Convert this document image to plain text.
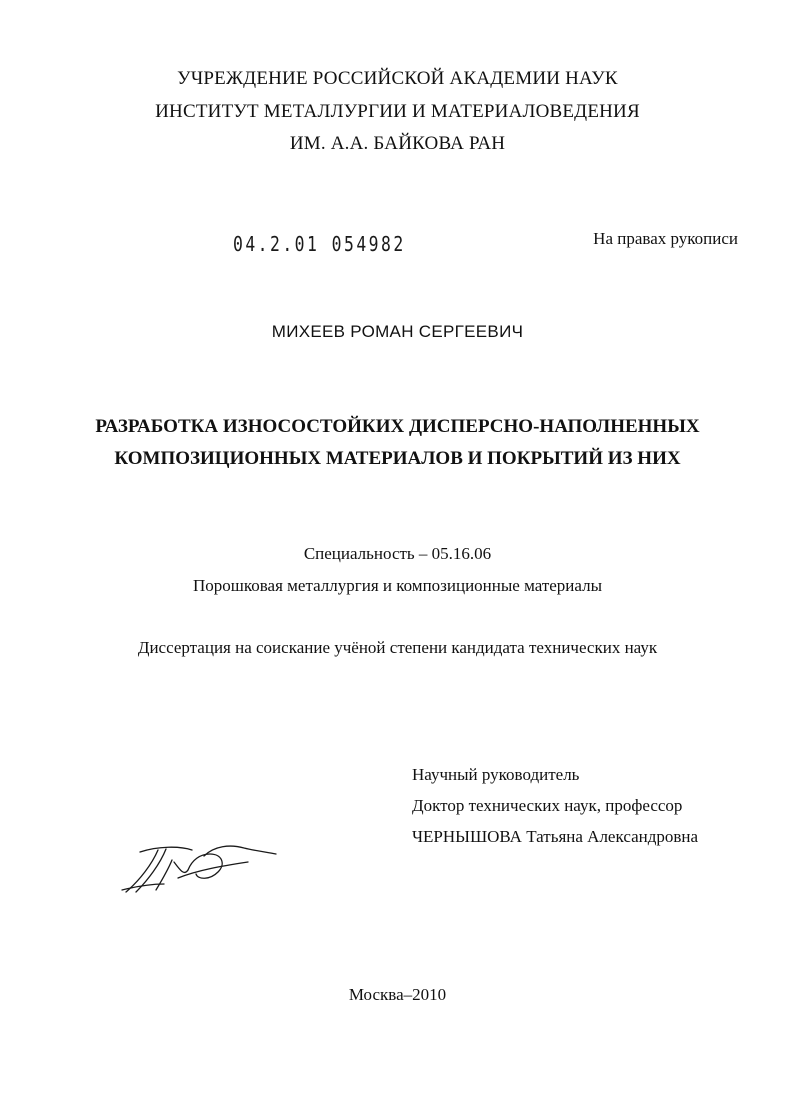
УЧРЕЖДЕНИЕ РОССИЙСКОЙ АКАДЕМИИ НАУК
ИНСТИТУТ МЕТАЛЛУРГИИ И МАТЕРИАЛОВЕДЕНИЯ
ИМ. А.А. БАЙКОВА РАН
04.2.01 054982	На правах рукописи
МИХЕЕВ РОМАН СЕРГЕЕВИЧ
РАЗРАБОТКА ИЗНОСОСТОЙКИХ ДИСПЕРСНО-НАПОЛНЕННЫХ
КОМПОЗИЦИОННЫХ МАТЕРИАЛОВ И ПОКРЫТИЙ ИЗ НИХ
Специальность – 05.16.06
Порошковая металлургия и композиционные материалы
Диссертация на соискание учёной степени кандидата технических наук
Научный руководитель
Доктор технических наук, профессор
ЧЕРНЫШОВА Татьяна Александровна
Москва–2010
